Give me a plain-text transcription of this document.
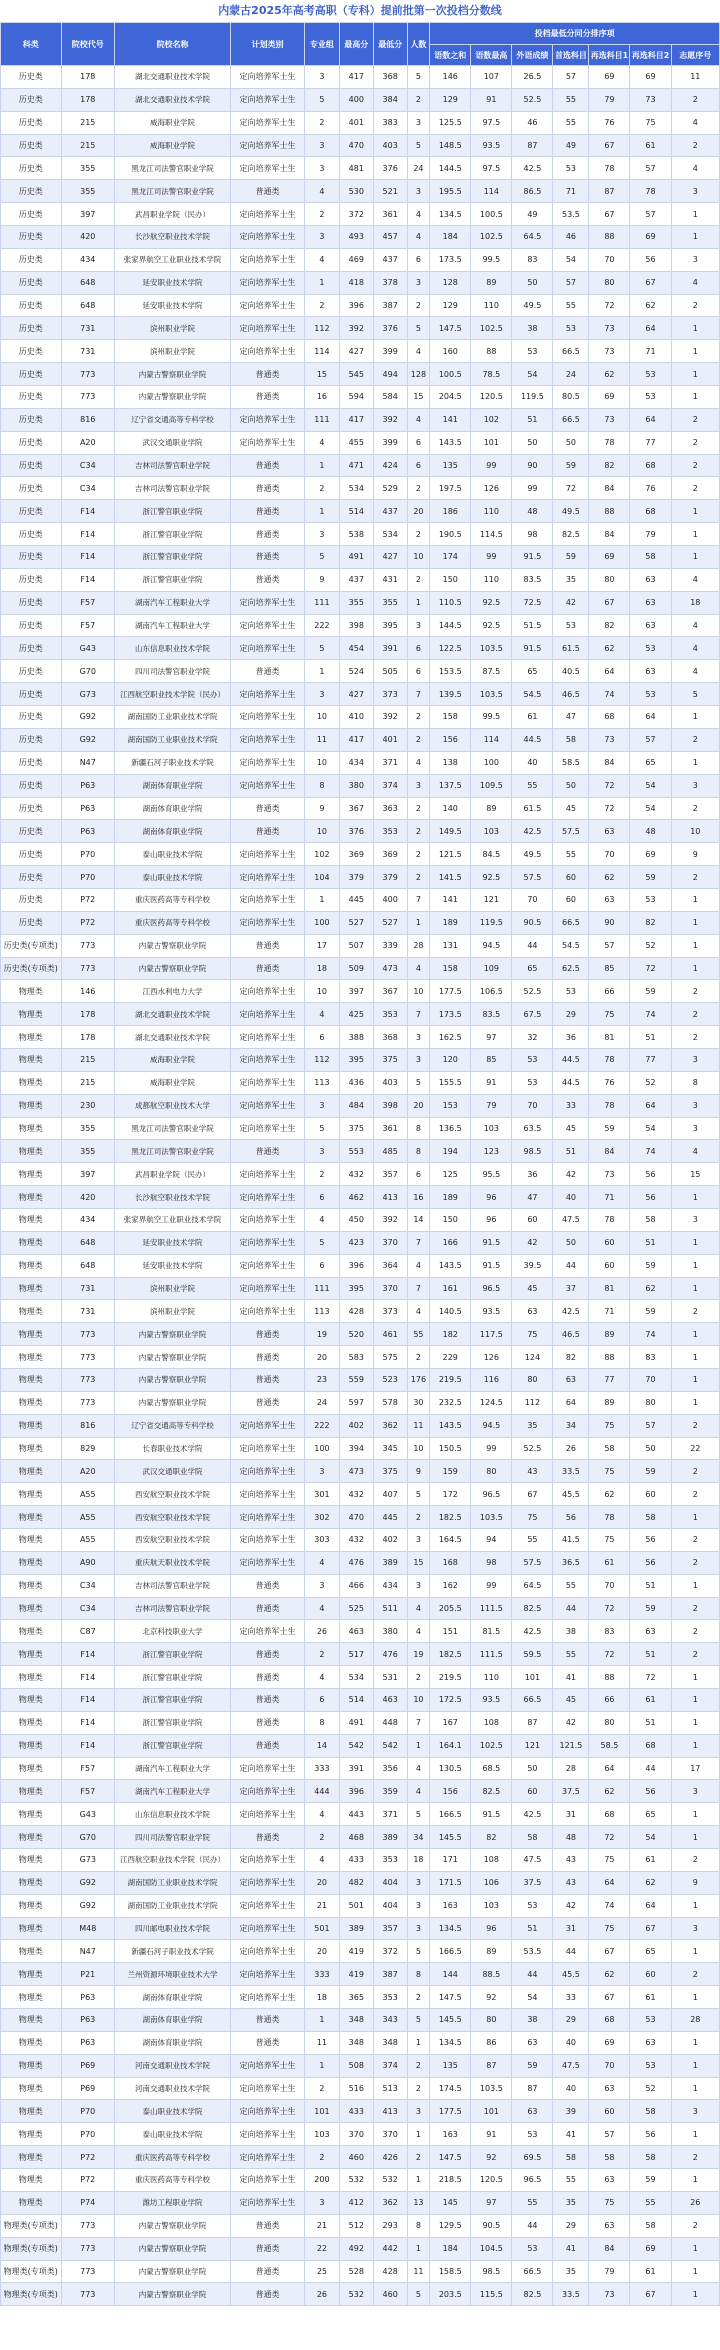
内蒙古2025年高考高职（专科）提前批第一次投档分数线
科类	院校代号	院校名称	计划类别	专业组	最高分	最低分	人数	投档最低分同分排序项						
								语数之和	语数最高	外语成绩	首选科目	再选科目1	再选科目2	志愿序号
历史类	178	湖北交通职业技术学院	定向培养军士生	3	417	368	5	146	107	26.5	57	69	69	11
历史类	178	湖北交通职业技术学院	定向培养军士生	5	400	384	2	129	91	52.5	55	79	73	2
历史类	215	威海职业学院	定向培养军士生	2	401	383	3	125.5	97.5	46	55	76	75	4
历史类	215	威海职业学院	定向培养军士生	3	470	403	5	148.5	93.5	87	49	67	61	2
历史类	355	黑龙江司法警官职业学院	定向培养军士生	3	481	376	24	144.5	97.5	42.5	53	78	57	4
历史类	355	黑龙江司法警官职业学院	普通类	4	530	521	3	195.5	114	86.5	71	87	78	3
历史类	397	武昌职业学院（民办）	定向培养军士生	2	372	361	4	134.5	100.5	49	53.5	67	57	1
历史类	420	长沙航空职业技术学院	定向培养军士生	3	493	457	4	184	102.5	64.5	46	88	69	1
历史类	434	张家界航空工业职业技术学院	定向培养军士生	4	469	437	6	173.5	99.5	83	54	70	56	3
历史类	648	延安职业技术学院	定向培养军士生	1	418	378	3	128	89	50	57	80	67	4
历史类	648	延安职业技术学院	定向培养军士生	2	396	387	2	129	110	49.5	55	72	62	2
历史类	731	滨州职业学院	定向培养军士生	112	392	376	5	147.5	102.5	38	53	73	64	1
历史类	731	滨州职业学院	定向培养军士生	114	427	399	4	160	88	53	66.5	73	71	1
历史类	773	内蒙古警察职业学院	普通类	15	545	494	128	100.5	78.5	54	24	62	53	1
历史类	773	内蒙古警察职业学院	普通类	16	594	584	15	204.5	120.5	119.5	80.5	69	53	1
历史类	816	辽宁省交通高等专科学校	定向培养军士生	111	417	392	4	141	102	51	66.5	73	64	2
历史类	A20	武汉交通职业学院	定向培养军士生	4	455	399	6	143.5	101	50	50	78	77	2
历史类	C34	吉林司法警官职业学院	普通类	1	471	424	6	135	99	90	59	82	68	2
历史类	C34	吉林司法警官职业学院	普通类	2	534	529	2	197.5	126	99	72	84	76	2
历史类	F14	浙江警官职业学院	普通类	1	514	437	20	186	110	48	49.5	88	68	1
历史类	F14	浙江警官职业学院	普通类	3	538	534	2	190.5	114.5	98	82.5	84	79	1
历史类	F14	浙江警官职业学院	普通类	5	491	427	10	174	99	91.5	59	69	58	1
历史类	F14	浙江警官职业学院	普通类	9	437	431	2	150	110	83.5	35	80	63	4
历史类	F57	湖南汽车工程职业大学	定向培养军士生	111	355	355	1	110.5	92.5	72.5	42	67	63	18
历史类	F57	湖南汽车工程职业大学	定向培养军士生	222	398	395	3	144.5	92.5	51.5	53	82	63	4
历史类	G43	山东信息职业技术学院	定向培养军士生	5	454	391	6	122.5	103.5	91.5	61.5	62	53	4
历史类	G70	四川司法警官职业学院	普通类	1	524	505	6	153.5	87.5	65	40.5	64	63	4
历史类	G73	江西航空职业技术学院（民办）	定向培养军士生	3	427	373	7	139.5	103.5	54.5	46.5	74	53	5
历史类	G92	湖南国防工业职业技术学院	定向培养军士生	10	410	392	2	158	99.5	61	47	68	64	1
历史类	G92	湖南国防工业职业技术学院	定向培养军士生	11	417	401	2	156	114	44.5	58	73	57	2
历史类	N47	新疆石河子职业技术学院	定向培养军士生	10	434	371	4	138	100	40	58.5	84	65	1
历史类	P63	湖南体育职业学院	定向培养军士生	8	380	374	3	137.5	109.5	55	50	72	54	3
历史类	P63	湖南体育职业学院	普通类	9	367	363	2	140	89	61.5	45	72	54	2
历史类	P63	湖南体育职业学院	普通类	10	376	353	2	149.5	103	42.5	57.5	63	48	10
历史类	P70	泰山职业技术学院	定向培养军士生	102	369	369	2	121.5	84.5	49.5	55	70	69	9
历史类	P70	泰山职业技术学院	定向培养军士生	104	379	379	2	141.5	92.5	57.5	60	62	59	2
历史类	P72	重庆医药高等专科学校	定向培养军士生	1	445	400	7	141	121	70	60	63	53	1
历史类	P72	重庆医药高等专科学校	定向培养军士生	100	527	527	1	189	119.5	90.5	66.5	90	82	1
历史类(专项类)	773	内蒙古警察职业学院	普通类	17	507	339	28	131	94.5	44	54.5	57	52	1
历史类(专项类)	773	内蒙古警察职业学院	普通类	18	509	473	4	158	109	65	62.5	85	72	1
物理类	146	江西水利电力大学	定向培养军士生	10	397	367	10	177.5	106.5	52.5	53	66	59	2
物理类	178	湖北交通职业技术学院	定向培养军士生	4	425	353	7	173.5	83.5	67.5	29	75	74	2
物理类	178	湖北交通职业技术学院	定向培养军士生	6	388	368	3	162.5	97	32	36	81	51	2
物理类	215	威海职业学院	定向培养军士生	112	395	375	3	120	85	53	44.5	78	77	3
物理类	215	威海职业学院	定向培养军士生	113	436	403	5	155.5	91	53	44.5	76	52	8
物理类	230	成都航空职业技术大学	定向培养军士生	3	484	398	20	153	79	70	33	78	64	3
物理类	355	黑龙江司法警官职业学院	定向培养军士生	5	375	361	8	136.5	103	63.5	45	59	54	3
物理类	355	黑龙江司法警官职业学院	普通类	3	553	485	8	194	123	98.5	51	84	74	4
物理类	397	武昌职业学院（民办）	定向培养军士生	2	432	357	6	125	95.5	36	42	73	56	15
物理类	420	长沙航空职业技术学院	定向培养军士生	6	462	413	16	189	96	47	40	71	56	1
物理类	434	张家界航空工业职业技术学院	定向培养军士生	4	450	392	14	150	96	60	47.5	78	58	3
物理类	648	延安职业技术学院	定向培养军士生	5	423	370	7	166	91.5	42	50	60	51	1
物理类	648	延安职业技术学院	定向培养军士生	6	396	364	4	143.5	91.5	39.5	44	60	59	1
物理类	731	滨州职业学院	定向培养军士生	111	395	370	7	161	96.5	45	37	81	62	1
物理类	731	滨州职业学院	定向培养军士生	113	428	373	4	140.5	93.5	63	42.5	71	59	2
物理类	773	内蒙古警察职业学院	普通类	19	520	461	55	182	117.5	75	46.5	89	74	1
物理类	773	内蒙古警察职业学院	普通类	20	583	575	2	229	126	124	82	88	83	1
物理类	773	内蒙古警察职业学院	普通类	23	559	523	176	219.5	116	80	63	77	70	1
物理类	773	内蒙古警察职业学院	普通类	24	597	578	30	232.5	124.5	112	64	89	80	1
物理类	816	辽宁省交通高等专科学校	定向培养军士生	222	402	362	11	143.5	94.5	35	34	75	57	2
物理类	829	长春职业技术学院	定向培养军士生	100	394	345	10	150.5	99	52.5	26	58	50	22
物理类	A20	武汉交通职业学院	定向培养军士生	3	473	375	9	159	80	43	33.5	75	59	2
物理类	A55	西安航空职业技术学院	定向培养军士生	301	432	407	5	172	96.5	67	45.5	62	60	2
物理类	A55	西安航空职业技术学院	定向培养军士生	302	470	445	2	182.5	103.5	75	56	78	58	1
物理类	A55	西安航空职业技术学院	定向培养军士生	303	432	402	3	164.5	94	55	41.5	75	56	2
物理类	A90	重庆航天职业技术学院	定向培养军士生	4	476	389	15	168	98	57.5	36.5	61	56	2
物理类	C34	吉林司法警官职业学院	普通类	3	466	434	3	162	99	64.5	55	70	51	1
物理类	C34	吉林司法警官职业学院	普通类	4	525	511	4	205.5	111.5	82.5	44	72	59	2
物理类	C87	北京科技职业大学	定向培养军士生	26	463	380	4	151	81.5	42.5	38	83	63	2
物理类	F14	浙江警官职业学院	普通类	2	517	476	19	182.5	111.5	59.5	55	72	51	2
物理类	F14	浙江警官职业学院	普通类	4	534	531	2	219.5	110	101	41	88	72	1
物理类	F14	浙江警官职业学院	普通类	6	514	463	10	172.5	93.5	66.5	45	66	61	1
物理类	F14	浙江警官职业学院	普通类	8	491	448	7	167	108	87	42	80	51	1
物理类	F14	浙江警官职业学院	普通类	14	542	542	1	164.1	102.5	121	121.5	58.5	68	1
物理类	F57	湖南汽车工程职业大学	定向培养军士生	333	391	356	4	130.5	68.5	50	28	64	44	17
物理类	F57	湖南汽车工程职业大学	定向培养军士生	444	396	359	4	156	82.5	60	37.5	62	56	3
物理类	G43	山东信息职业技术学院	定向培养军士生	4	443	371	5	166.5	91.5	42.5	31	68	65	1
物理类	G70	四川司法警官职业学院	普通类	2	468	389	34	145.5	82	58	48	72	54	1
物理类	G73	江西航空职业技术学院（民办）	定向培养军士生	4	433	353	18	171	108	47.5	43	75	61	2
物理类	G92	湖南国防工业职业技术学院	定向培养军士生	20	482	404	3	171.5	106	37.5	43	64	62	9
物理类	G92	湖南国防工业职业技术学院	定向培养军士生	21	501	404	3	163	103	53	42	74	64	1
物理类	M48	四川邮电职业技术学院	定向培养军士生	501	389	357	3	134.5	96	51	31	75	67	3
物理类	N47	新疆石河子职业技术学院	定向培养军士生	20	419	372	5	166.5	89	53.5	44	67	65	1
物理类	P21	兰州资源环境职业技术大学	定向培养军士生	333	419	387	8	144	88.5	44	45.5	62	60	2
物理类	P63	湖南体育职业学院	定向培养军士生	18	365	353	2	147.5	92	54	33	67	61	1
物理类	P63	湖南体育职业学院	普通类	1	348	343	5	145.5	80	38	29	68	53	28
物理类	P63	湖南体育职业学院	普通类	11	348	348	1	134.5	86	63	40	69	63	1
物理类	P69	河南交通职业技术学院	定向培养军士生	1	508	374	2	135	87	59	47.5	70	53	1
物理类	P69	河南交通职业技术学院	定向培养军士生	2	516	513	2	174.5	103.5	87	40	63	52	1
物理类	P70	泰山职业技术学院	定向培养军士生	101	433	413	3	177.5	101	63	39	60	58	3
物理类	P70	泰山职业技术学院	定向培养军士生	103	370	370	1	163	91	53	41	57	56	1
物理类	P72	重庆医药高等专科学校	定向培养军士生	2	460	426	2	147.5	92	69.5	58	58	58	2
物理类	P72	重庆医药高等专科学校	定向培养军士生	200	532	532	1	218.5	120.5	96.5	55	63	59	1
物理类	P74	潍坊工程职业学院	定向培养军士生	3	412	362	13	145	97	55	35	75	55	26
物理类(专项类)	773	内蒙古警察职业学院	普通类	21	512	293	8	129.5	90.5	44	29	63	58	2
物理类(专项类)	773	内蒙古警察职业学院	普通类	22	492	442	1	184	104.5	53	41	84	69	1
物理类(专项类)	773	内蒙古警察职业学院	普通类	25	528	428	11	158.5	98.5	66.5	35	79	61	1
物理类(专项类)	773	内蒙古警察职业学院	普通类	26	532	460	5	203.5	115.5	82.5	33.5	73	67	1
